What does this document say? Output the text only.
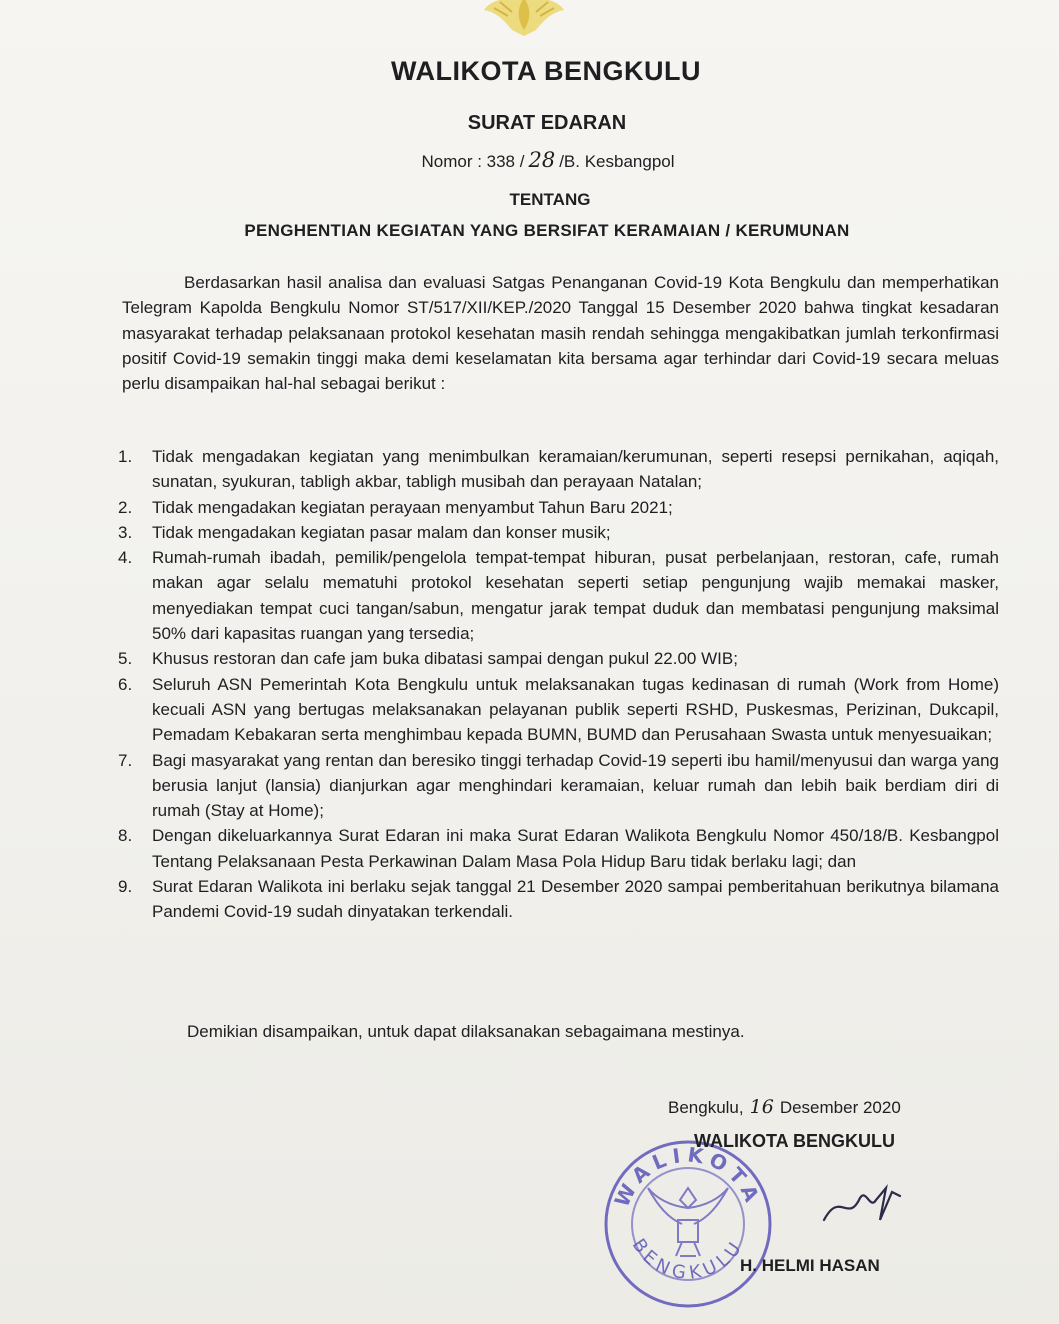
WALIKOTA BENGKULU
SURAT EDARAN
Nomor : 338 / 28 /B. Kesbangpol
TENTANG
PENGHENTIAN KEGIATAN YANG BERSIFAT KERAMAIAN / KERUMUNAN

Berdasarkan hasil analisa dan evaluasi Satgas Penanganan Covid-19 Kota Bengkulu dan memperhatikan Telegram Kapolda Bengkulu Nomor ST/517/XII/KEP./2020 Tanggal 15 Desember 2020 bahwa tingkat kesadaran masyarakat terhadap pelaksanaan protokol kesehatan masih rendah sehingga mengakibatkan jumlah terkonfirmasi positif Covid-19 semakin tinggi maka demi keselamatan kita bersama agar terhindar dari Covid-19 secara meluas perlu disampaikan hal-hal sebagai berikut :

1.	Tidak mengadakan kegiatan yang menimbulkan keramaian/kerumunan, seperti resepsi pernikahan, aqiqah, sunatan, syukuran, tabligh akbar, tabligh musibah dan perayaan Natalan;
2.	Tidak mengadakan kegiatan perayaan menyambut Tahun Baru 2021;
3.	Tidak mengadakan kegiatan pasar malam dan konser musik;
4.	Rumah-rumah ibadah, pemilik/pengelola tempat-tempat hiburan, pusat perbelanjaan, restoran, cafe, rumah makan agar selalu mematuhi protokol kesehatan seperti setiap pengunjung wajib memakai masker, menyediakan tempat cuci tangan/sabun, mengatur jarak tempat duduk dan membatasi pengunjung maksimal 50% dari kapasitas ruangan yang tersedia;
5.	Khusus restoran dan cafe jam buka dibatasi sampai dengan pukul 22.00 WIB;
6.	Seluruh ASN Pemerintah Kota Bengkulu untuk melaksanakan tugas kedinasan di rumah (Work from Home) kecuali ASN yang bertugas melaksanakan pelayanan publik seperti RSHD, Puskesmas, Perizinan, Dukcapil, Pemadam Kebakaran serta menghimbau kepada BUMN, BUMD dan Perusahaan Swasta untuk menyesuaikan;
7.	Bagi masyarakat yang rentan dan beresiko tinggi terhadap Covid-19 seperti ibu hamil/menyusui dan warga yang berusia lanjut (lansia) dianjurkan agar menghindari keramaian, keluar rumah dan lebih baik berdiam diri di rumah (Stay at Home);
8.	Dengan dikeluarkannya Surat Edaran ini maka Surat Edaran Walikota Bengkulu Nomor 450/18/B. Kesbangpol Tentang Pelaksanaan Pesta Perkawinan Dalam Masa Pola Hidup Baru tidak berlaku lagi; dan
9.	Surat Edaran Walikota ini berlaku sejak tanggal 21 Desember 2020 sampai pemberitahuan berikutnya bilamana Pandemi Covid-19 sudah dinyatakan terkendali.
Demikian disampaikan, untuk dapat dilaksanakan sebagaimana mestinya.
Bengkulu, 16 Desember 2020
WALIKOTA
BENGKULU
WALIKOTA BENGKULU
H. HELMI HASAN
